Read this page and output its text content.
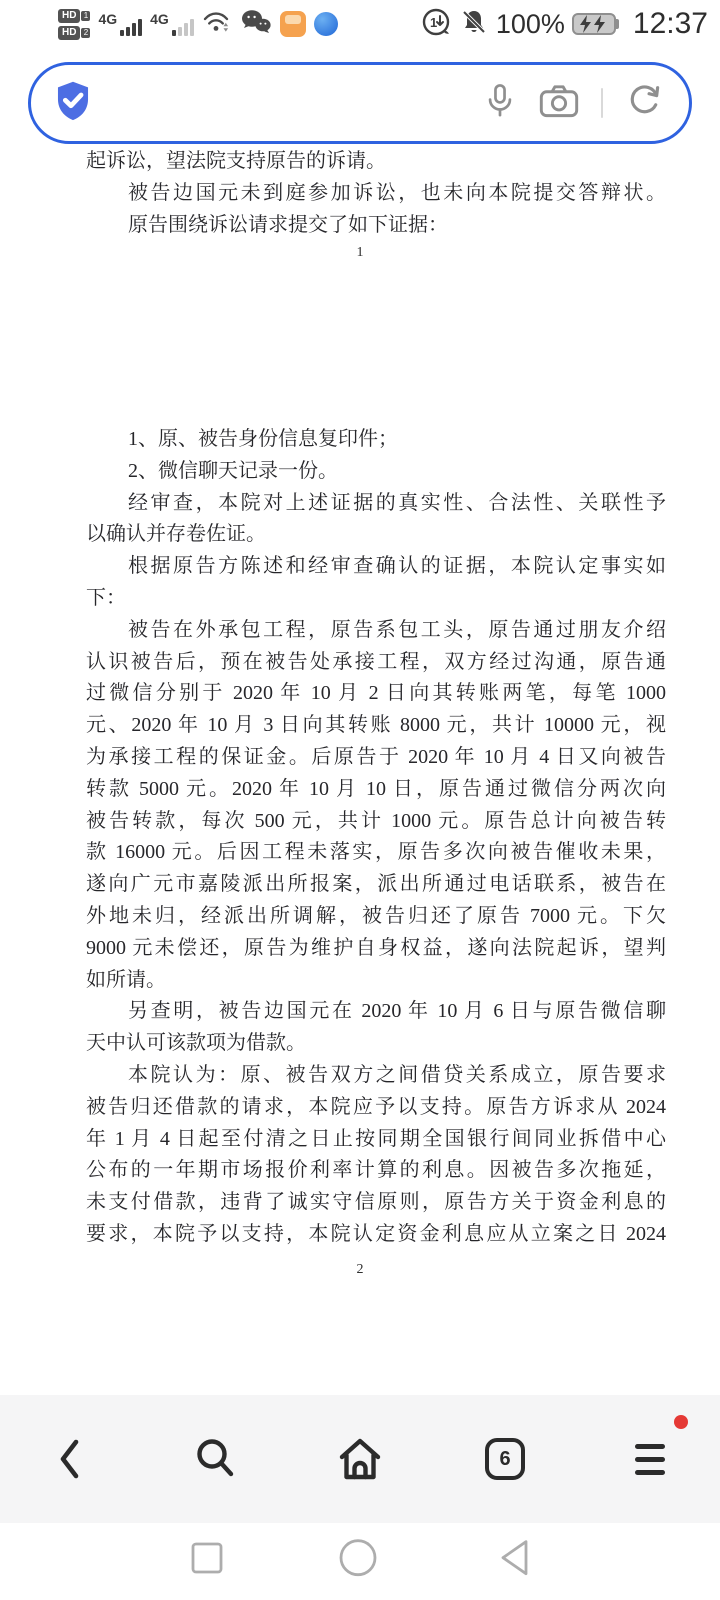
HD 1
HD 2
4G 4G	1 100% 12:37
起诉讼，望法院支持原告的诉请。
被告边国元未到庭参加诉讼，也未向本院提交答辩状。
原告围绕诉讼请求提交了如下证据：
1
1、原、被告身份信息复印件；
2、微信聊天记录一份。
经审查，本院对上述证据的真实性、合法性、关联性予
以确认并存卷佐证。
根据原告方陈述和经审查确认的证据，本院认定事实如
下：
被告在外承包工程，原告系包工头，原告通过朋友介绍
认识被告后，预在被告处承接工程，双方经过沟通，原告通
过微信分别于 2020 年 10 月 2 日向其转账两笔，每笔 1000
元、2020 年 10 月 3 日向其转账 8000 元，共计 10000 元，视
为承接工程的保证金。后原告于 2020 年 10 月 4 日又向被告
转款 5000 元。2020 年 10 月 10 日，原告通过微信分两次向
被告转款，每次 500 元，共计 1000 元。原告总计向被告转
款 16000 元。后因工程未落实，原告多次向被告催收未果，
遂向广元市嘉陵派出所报案，派出所通过电话联系，被告在
外地未归，经派出所调解，被告归还了原告 7000 元。下欠
9000 元未偿还，原告为维护自身权益，遂向法院起诉，望判
如所请。
另查明，被告边国元在 2020 年 10 月 6 日与原告微信聊
天中认可该款项为借款。
本院认为：原、被告双方之间借贷关系成立，原告要求
被告归还借款的请求，本院应予以支持。原告方诉求从 2024
年 1 月 4 日起至付清之日止按同期全国银行间同业拆借中心
公布的一年期市场报价利率计算的利息。因被告多次拖延，
未支付借款，违背了诚实守信原则，原告方关于资金利息的
要求，本院予以支持，本院认定资金利息应从立案之日 2024
2
6
